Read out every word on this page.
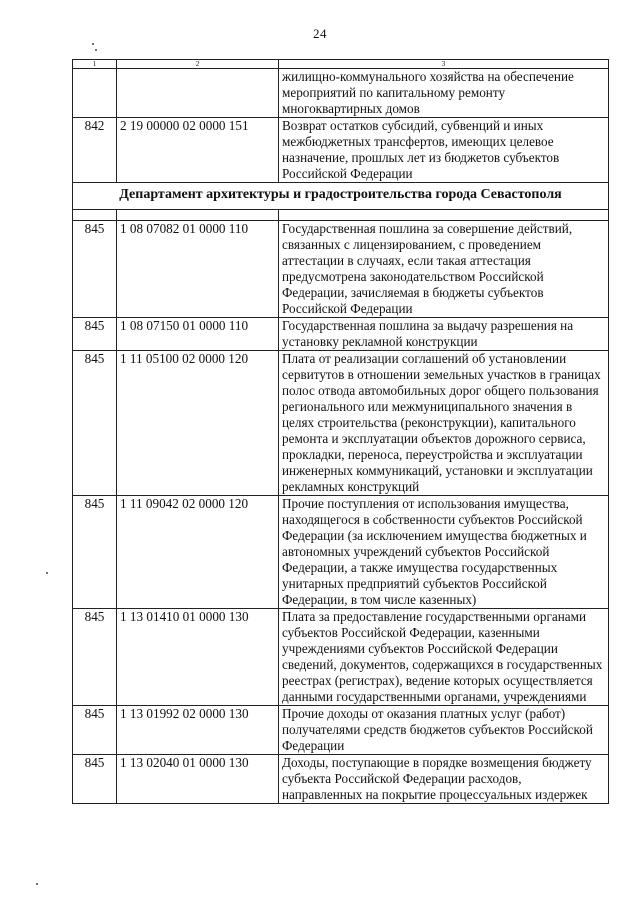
24
1	2	3
		жилищно-коммунального хозяйства на обеспечение мероприятий по капитальному ремонту многоквартирных домов
842	2 19 00000 02 0000 151	Возврат остатков субсидий, субвенций и иных межбюджетных трансфертов, имеющих целевое назначение, прошлых лет из бюджетов субъектов Российской Федерации
Департамент архитектуры и градостроительства города Севастополя		

845	1 08 07082 01 0000 110	Государственная пошлина за совершение действий, связанных с лицензированием, с проведением аттестации в случаях, если такая аттестация предусмотрена законодательством Российской Федерации, зачисляемая в бюджеты субъектов Российской Федерации
845	1 08 07150 01 0000 110	Государственная пошлина за выдачу разрешения на установку рекламной конструкции
845	1 11 05100 02 0000 120	Плата от реализации соглашений об установлении сервитутов в отношении земельных участков в границах полос отвода автомобильных дорог общего пользования регионального или межмуниципального значения в целях строительства (реконструкции), капитального ремонта и эксплуатации объектов дорожного сервиса, прокладки, переноса, переустройства и эксплуатации инженерных коммуникаций, установки и эксплуатации рекламных конструкций
845	1 11 09042 02 0000 120	Прочие поступления от использования имущества, находящегося в собственности субъектов Российской Федерации (за исключением имущества бюджетных и автономных учреждений субъектов Российской Федерации, а также имущества государственных унитарных предприятий субъектов Российской Федерации, в том числе казенных)
845	1 13 01410 01 0000 130	Плата за предоставление государственными органами субъектов Российской Федерации, казенными учреждениями субъектов Российской Федерации сведений, документов, содержащихся в государственных реестрах (регистрах), ведение которых осуществляется данными государственными органами, учреждениями
845	1 13 01992 02 0000 130	Прочие доходы от оказания платных услуг (работ) получателями средств бюджетов субъектов Российской Федерации
845	1 13 02040 01 0000 130	Доходы, поступающие в порядке возмещения бюджету субъекта Российской Федерации расходов, направленных на покрытие процессуальных издержек
